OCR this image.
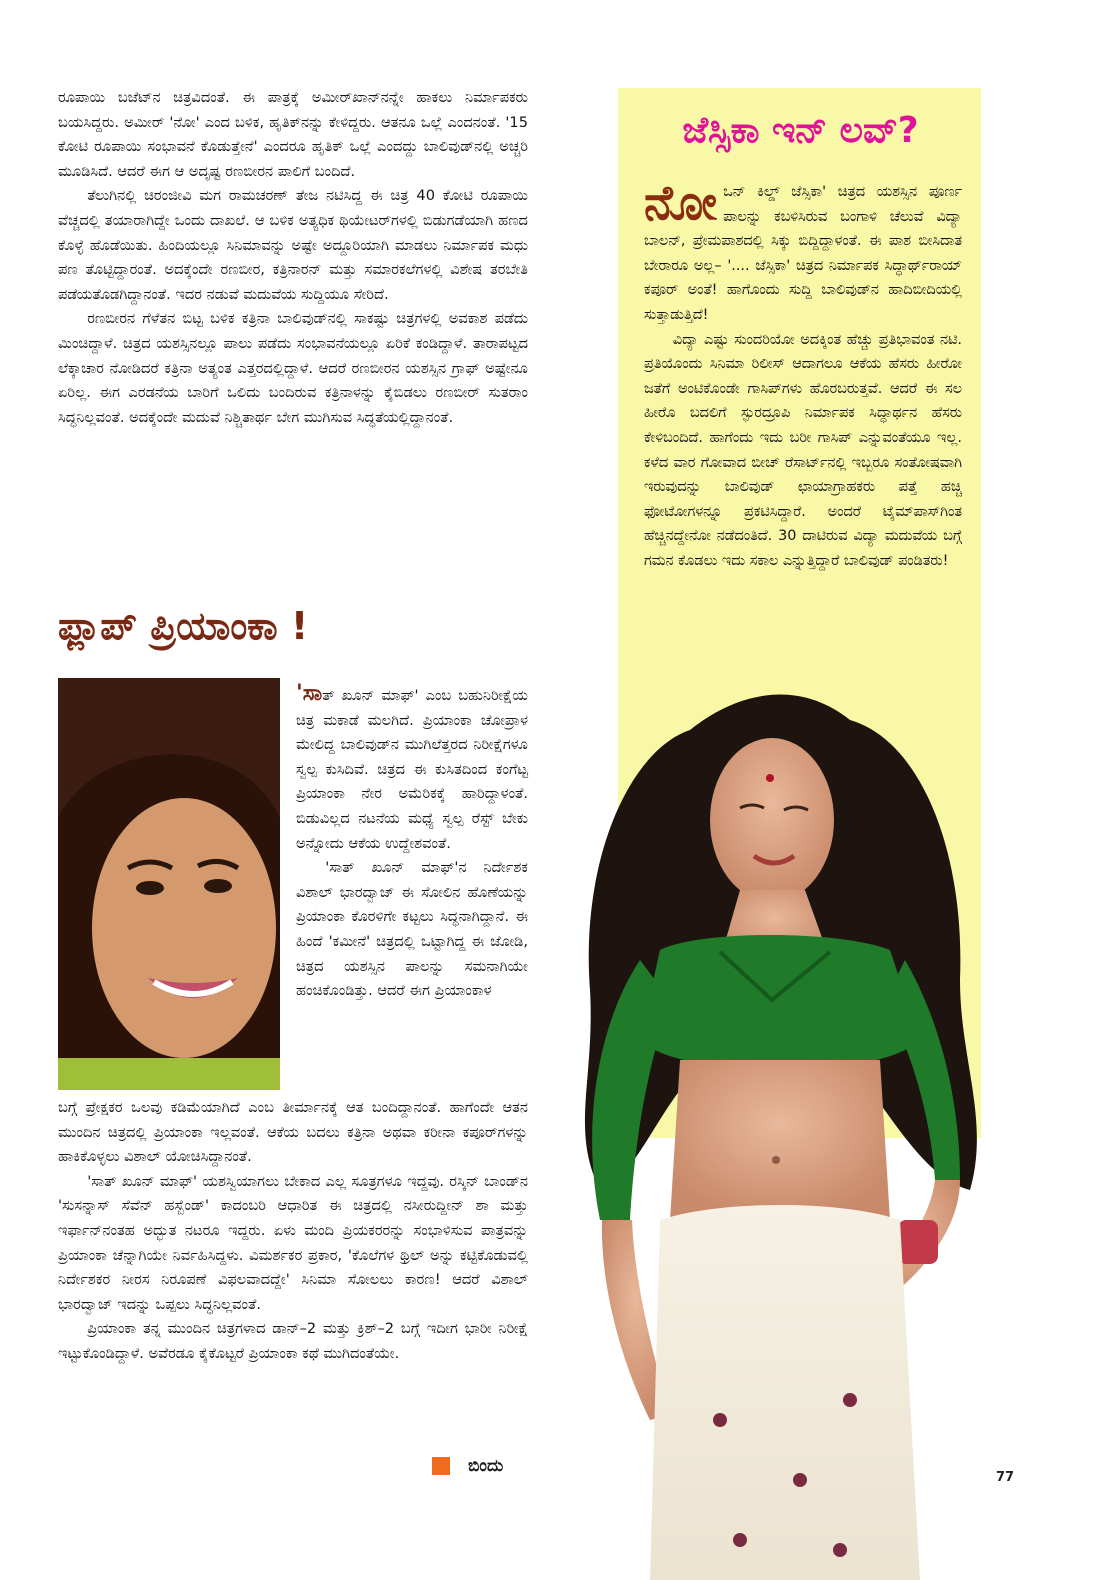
ರೂಪಾಯಿ ಬಜೆಟ್‌ನ ಚಿತ್ರವಿದಂತೆ. ಈ ಪಾತ್ರಕ್ಕೆ ಅಮೀರ್‌ಖಾನ್‌ನನ್ನೇ ಹಾಕಲು ನಿರ್ಮಾಪಕರು ಬಯಸಿದ್ದರು. ಅಮೀರ್ 'ನೋ' ಎಂದ ಬಳಿಕ, ಹೃತಿಕ್‌ನನ್ನು ಕೇಳಿದ್ದರು. ಆತನೂ ಒಲ್ಲೆ ಎಂದನಂತೆ. '15 ಕೋಟಿ ರೂಪಾಯಿ ಸಂಭಾವನೆ ಕೊಡುತ್ತೇನೆ' ಎಂದರೂ ಹೃತಿಕ್ ಒಲ್ಲೆ ಎಂದದ್ದು ಬಾಲಿವುಡ್‌ನಲ್ಲಿ ಅಚ್ಚರಿ ಮೂಡಿಸಿದೆ. ಆದರೆ ಈಗ ಆ ಅದೃಷ್ಟ ರಣಬೀರನ ಪಾಲಿಗೆ ಬಂದಿದೆ.

ತೆಲುಗಿನಲ್ಲಿ ಚಿರಂಜೀವಿ ಮಗ ರಾಮಚರಣ್ ತೇಜ ನಟಿಸಿದ್ದ ಈ ಚಿತ್ರ 40 ಕೋಟಿ ರೂಪಾಯಿ ವೆಚ್ಚದಲ್ಲಿ ತಯಾರಾಗಿದ್ದೇ ಒಂದು ದಾಖಲೆ. ಆ ಬಳಿಕ ಅತ್ಯಧಿಕ ಥಿಯೇಟರ್‌ಗಳಲ್ಲಿ ಬಿಡುಗಡೆಯಾಗಿ ಹಣದ ಕೊಳ್ಳೆ ಹೊಡೆಯಿತು. ಹಿಂದಿಯಲ್ಲೂ ಸಿನಿಮಾವನ್ನು ಅಷ್ಟೇ ಅದ್ದೂರಿಯಾಗಿ ಮಾಡಲು ನಿರ್ಮಾಪಕ ಮಧು ಪಣ ತೊಟ್ಟಿದ್ದಾರಂತೆ. ಅದಕ್ಕೆಂದೇ ರಣಬೀರ, ಕತ್ರಿನಾರನ್ ಮತ್ತು ಸಮಾರಕಲೆಗಳಲ್ಲಿ ವಿಶೇಷ ತರಬೇತಿ ಪಡೆಯತೊಡಗಿದ್ದಾನಂತೆ. ಇದರ ನಡುವೆ ಮದುವೆಯ ಸುದ್ದಿಯೂ ಸೇರಿದೆ.

ರಣಬೀರನ ಗೆಳೆತನ ಬಿಟ್ಟ ಬಳಿಕ ಕತ್ರಿನಾ ಬಾಲಿವುಡ್‌ನಲ್ಲಿ ಸಾಕಷ್ಟು ಚಿತ್ರಗಳಲ್ಲಿ ಅವಕಾಶ ಪಡೆದು ಮಿಂಚಿದ್ದಾಳೆ. ಚಿತ್ರದ ಯಶಸ್ಸಿನಲ್ಲೂ ಪಾಲು ಪಡೆದು ಸಂಭಾವನೆಯಲ್ಲೂ ಏರಿಕೆ ಕಂಡಿದ್ದಾಳೆ. ತಾರಾಪಟ್ಟದ ಲೆಕ್ಕಾಚಾರ ನೋಡಿದರೆ ಕತ್ರಿನಾ ಅತ್ಯಂತ ಎತ್ತರದಲ್ಲಿದ್ದಾಳೆ. ಆದರೆ ರಣಬೀರನ ಯಶಸ್ಸಿನ ಗ್ರಾಫ್ ಅಷ್ಟೇನೂ ಏರಿಲ್ಲ. ಈಗ ಎರಡನೆಯ ಬಾರಿಗೆ ಒಲಿದು ಬಂದಿರುವ ಕತ್ರಿನಾಳನ್ನು ಕೈಬಿಡಲು ರಣಬೀರ್ ಸುತರಾಂ ಸಿದ್ಧನಿಲ್ಲವಂತೆ. ಅದಕ್ಕೆಂದೇ ಮದುವೆ ನಿಶ್ಚಿತಾರ್ಥ ಬೇಗ ಮುಗಿಸುವ ಸಿದ್ಧತೆಯಲ್ಲಿದ್ದಾನಂತೆ.

ಜೆಸ್ಸಿಕಾ ಇನ್ ಲವ್?

ನೋಒನ್ ಕಿಲ್ಡ್ ಜೆಸ್ಸಿಕಾ' ಚಿತ್ರದ ಯಶಸ್ಸಿನ ಪೂರ್ಣ ಪಾಲನ್ನು ಕಬಳಿಸಿರುವ ಬಂಗಾಳಿ ಚೆಲುವೆ ವಿದ್ಯಾ ಬಾಲನ್, ಪ್ರೇಮಪಾಶದಲ್ಲಿ ಸಿಕ್ಕು ಬಿದ್ದಿದ್ದಾಳಂತೆ. ಈ ಪಾಶ ಬೀಸಿದಾತ ಬೇರಾರೂ ಅಲ್ಲ– '.... ಜೆಸ್ಸಿಕಾ' ಚಿತ್ರದ ನಿರ್ಮಾಪಕ ಸಿದ್ಧಾರ್ಥ್‌ರಾಯ್ ಕಪೂರ್ ಅಂತೆ! ಹಾಗೊಂದು ಸುದ್ದಿ ಬಾಲಿವುಡ್‌ನ ಹಾದಿಬೀದಿಯಲ್ಲಿ ಸುತ್ತಾಡುತ್ತಿದೆ!

ವಿದ್ಯಾ ಎಷ್ಟು ಸುಂದರಿಯೋ ಅದಕ್ಕಿಂತ ಹೆಚ್ಚು ಪ್ರತಿಭಾವಂತ ನಟಿ. ಪ್ರತಿಯೊಂದು ಸಿನಿಮಾ ರಿಲೀಸ್ ಆದಾಗಲೂ ಆಕೆಯ ಹೆಸರು ಹೀರೋ ಜತೆಗೆ ಅಂಟಿಕೊಂಡೇ ಗಾಸಿಪ್‌ಗಳು ಹೊರಬರುತ್ತವೆ. ಆದರೆ ಈ ಸಲ ಹೀರೊ ಬದಲಿಗೆ ಸ್ಫುರದ್ರೂಪಿ ನಿರ್ಮಾಪಕ ಸಿದ್ಧಾರ್ಥನ ಹೆಸರು ಕೇಳಿಬಂದಿದೆ. ಹಾಗೆಂದು ಇದು ಬರೀ ಗಾಸಿಪ್ ಎನ್ನುವಂತೆಯೂ ಇಲ್ಲ. ಕಳೆದ ವಾರ ಗೋವಾದ ಬೀಚ್ ರೆಸಾರ್ಟ್‌ನಲ್ಲಿ ಇಬ್ಬರೂ ಸಂತೋಷವಾಗಿ ಇರುವುದನ್ನು ಬಾಲಿವುಡ್ ಛಾಯಾಗ್ರಾಹಕರು ಪತ್ತೆ ಹಚ್ಚಿ ಫೋಟೋಗಳನ್ನೂ ಪ್ರಕಟಿಸಿದ್ದಾರೆ. ಅಂದರೆ ಟೈಮ್‌ಪಾಸ್‌ಗಿಂತ ಹೆಚ್ಚಿನದ್ದೇನೋ ನಡೆದಂತಿದೆ. 30 ದಾಟಿರುವ ವಿದ್ಯಾ ಮದುವೆಯ ಬಗ್ಗೆ ಗಮನ ಕೊಡಲು ಇದು ಸಕಾಲ ಎನ್ನುತ್ತಿದ್ದಾರೆ ಬಾಲಿವುಡ್ ಪಂಡಿತರು!

ಫ್ಲಾಪ್ ಪ್ರಿಯಾಂಕಾ !

'ಸಾತ್ ಖೂನ್ ಮಾಫ್' ಎಂಬ ಬಹುನಿರೀಕ್ಷೆಯ ಚಿತ್ರ ಮಕಾಡೆ ಮಲಗಿದೆ. ಪ್ರಿಯಾಂಕಾ ಚೋಪ್ರಾಳ ಮೇಲಿದ್ದ ಬಾಲಿವುಡ್‌ನ ಮುಗಿಲೆತ್ತರದ ನಿರೀಕ್ಷೆಗಳೂ ಸ್ವಲ್ಪ ಕುಸಿದಿವೆ. ಚಿತ್ರದ ಈ ಕುಸಿತದಿಂದ ಕಂಗೆಟ್ಟ ಪ್ರಿಯಾಂಕಾ ನೇರ ಅಮೆರಿಕಕ್ಕೆ ಹಾರಿದ್ದಾಳಂತೆ. ಬಿಡುವಿಲ್ಲದ ನಟನೆಯ ಮಧ್ಯೆ ಸ್ವಲ್ಪ ರೆಸ್ಟ್ ಬೇಕು ಅನ್ನೋದು ಆಕೆಯ ಉದ್ದೇಶವಂತೆ.

'ಸಾತ್ ಖೂನ್ ಮಾಫ್'ನ ನಿರ್ದೇಶಕ ವಿಶಾಲ್ ಭಾರದ್ವಾಜ್ ಈ ಸೋಲಿನ ಹೊಣೆಯನ್ನು ಪ್ರಿಯಾಂಕಾ ಕೊರಳಿಗೇ ಕಟ್ಟಲು ಸಿದ್ಧನಾಗಿದ್ದಾನೆ. ಈ ಹಿಂದೆ 'ಕಮೀನೆ' ಚಿತ್ರದಲ್ಲಿ ಒಟ್ಟಾಗಿದ್ದ ಈ ಜೋಡಿ, ಚಿತ್ರದ ಯಶಸ್ಸಿನ ಪಾಲನ್ನು ಸಮನಾಗಿಯೇ ಹಂಚಿಕೊಂಡಿತ್ತು. ಆದರೆ ಈಗ ಪ್ರಿಯಾಂಕಾಳ

ಬಗ್ಗೆ ಪ್ರೇಕ್ಷಕರ ಒಲವು ಕಡಿಮೆಯಾಗಿದೆ ಎಂಬ ತೀರ್ಮಾನಕ್ಕೆ ಆತ ಬಂದಿದ್ದಾನಂತೆ. ಹಾಗೆಂದೇ ಆತನ ಮುಂದಿನ ಚಿತ್ರದಲ್ಲಿ ಪ್ರಿಯಾಂಕಾ ಇಲ್ಲವಂತೆ. ಆಕೆಯ ಬದಲು ಕತ್ರಿನಾ ಅಥವಾ ಕರೀನಾ ಕಪೂರ್‌ಗಳನ್ನು ಹಾಕಿಕೊಳ್ಳಲು ವಿಶಾಲ್ ಯೋಚಿಸಿದ್ದಾನಂತೆ.

'ಸಾತ್ ಖೂನ್ ಮಾಫ್' ಯಶಸ್ವಿಯಾಗಲು ಬೇಕಾದ ಎಲ್ಲ ಸೂತ್ರಗಳೂ ಇದ್ದವು. ರಸ್ಕಿನ್ ಬಾಂಡ್‌ನ 'ಸುಸನ್ನಾಸ್ ಸೆವೆನ್ ಹಸ್ಬೆಂಡ್' ಕಾದಂಬರಿ ಆಧಾರಿತ ಈ ಚಿತ್ರದಲ್ಲಿ ನಸೀರುದ್ದೀನ್ ಶಾ ಮತ್ತು ಇರ್ಫಾನ್‌ನಂತಹ ಅದ್ಭುತ ನಟರೂ ಇದ್ದರು. ಏಳು ಮಂದಿ ಪ್ರಿಯಕರರನ್ನು ಸಂಭಾಳಿಸುವ ಪಾತ್ರವನ್ನು ಪ್ರಿಯಾಂಕಾ ಚೆನ್ನಾಗಿಯೇ ನಿರ್ವಹಿಸಿದ್ದಳು. ವಿಮರ್ಶಕರ ಪ್ರಕಾರ, 'ಕೊಲೆಗಳ ಥ್ರಿಲ್ ಅನ್ನು ಕಟ್ಟಿಕೊಡುವಲ್ಲಿ ನಿರ್ದೇಶಕರ ನೀರಸ ನಿರೂಪಣೆ ವಿಫಲವಾದದ್ದೇ' ಸಿನಿಮಾ ಸೋಲಲು ಕಾರಣ! ಆದರೆ ವಿಶಾಲ್ ಭಾರದ್ವಾಜ್ ಇದನ್ನು ಒಪ್ಪಲು ಸಿದ್ಧನಿಲ್ಲವಂತೆ.

ಪ್ರಿಯಾಂಕಾ ತನ್ನ ಮುಂದಿನ ಚಿತ್ರಗಳಾದ ಡಾನ್–2 ಮತ್ತು ಕ್ರಿಶ್–2 ಬಗ್ಗೆ ಇದೀಗ ಭಾರೀ ನಿರೀಕ್ಷೆ ಇಟ್ಟುಕೊಂಡಿದ್ದಾಳೆ. ಅವೆರಡೂ ಕೈಕೊಟ್ಟರೆ ಪ್ರಿಯಾಂಕಾ ಕಥೆ ಮುಗಿದಂತೆಯೇ.

ಬಿಂದು
77
